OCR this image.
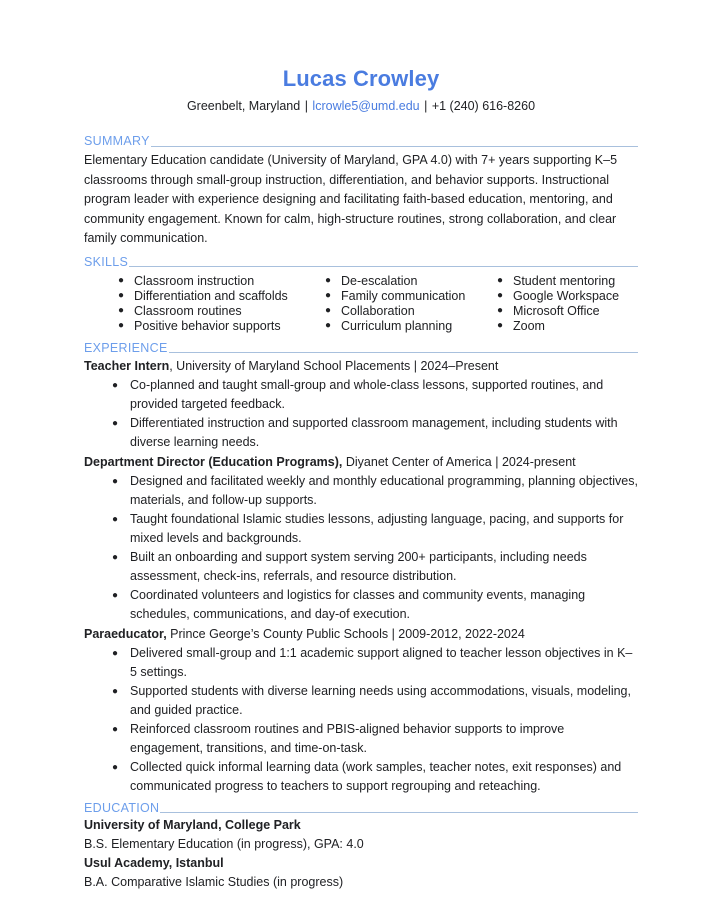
Lucas Crowley
Greenbelt, Maryland | lcrowle5@umd.edu | +1 (240) 616-8260
SUMMARY
Elementary Education candidate (University of Maryland, GPA 4.0) with 7+ years supporting K–5 classrooms through small-group instruction, differentiation, and behavior supports. Instructional program leader with experience designing and facilitating faith-based education, mentoring, and community engagement. Known for calm, high-structure routines, strong collaboration, and clear family communication.
SKILLS
● Classroom instruction
● Differentiation and scaffolds
● Classroom routines
● Positive behavior supports
● De-escalation
● Family communication
● Collaboration
● Curriculum planning
● Student mentoring
● Google Workspace
● Microsoft Office
● Zoom
EXPERIENCE
Teacher Intern, University of Maryland School Placements | 2024–Present
● Co-planned and taught small-group and whole-class lessons, supported routines, and provided targeted feedback.
● Differentiated instruction and supported classroom management, including students with diverse learning needs.
Department Director (Education Programs), Diyanet Center of America | 2024-present
● Designed and facilitated weekly and monthly educational programming, planning objectives, materials, and follow-up supports.
● Taught foundational Islamic studies lessons, adjusting language, pacing, and supports for mixed levels and backgrounds.
● Built an onboarding and support system serving 200+ participants, including needs assessment, check-ins, referrals, and resource distribution.
● Coordinated volunteers and logistics for classes and community events, managing schedules, communications, and day-of execution.
Paraeducator, Prince George’s County Public Schools | 2009-2012, 2022-2024
● Delivered small-group and 1:1 academic support aligned to teacher lesson objectives in K–5 settings.
● Supported students with diverse learning needs using accommodations, visuals, modeling, and guided practice.
● Reinforced classroom routines and PBIS-aligned behavior supports to improve engagement, transitions, and time-on-task.
● Collected quick informal learning data (work samples, teacher notes, exit responses) and communicated progress to teachers to support regrouping and reteaching.
EDUCATION
University of Maryland, College Park
B.S. Elementary Education (in progress), GPA: 4.0
Usul Academy, Istanbul
B.A. Comparative Islamic Studies (in progress)
